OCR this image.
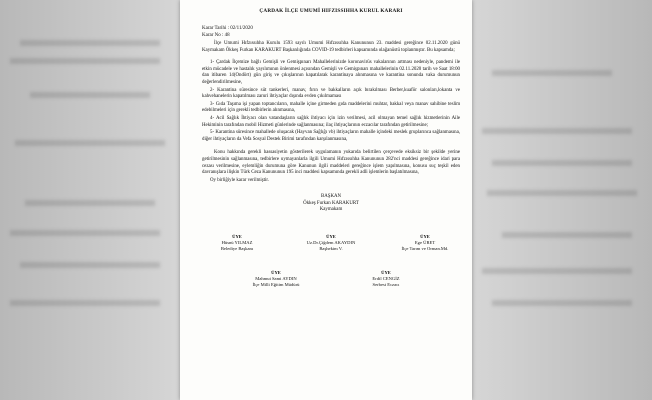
ÇARDAK İLÇE UMUMİ HIFZISSIHHA KURUL KARARI
Karar Tarihi : 02/11/2020
Karar No : 48
İlçe Umumi Hıfzıssıhha Kurulu 1593 sayılı Umumi Hıfzıssıhha Kanununun 23. maddesi gereğince 02.11.2020 günü Kaymakam Ökkeş Furkan KARAKURT Başkanlığında COVID-19 tedbirleri kapsamında olağanüstü toplanmıştır. Bu kapsamda;
1- Çardak İlçemize bağlı Gemişli ve Gemişpınarı Mahallelerinizde koronavirüs vakalarının artması nedeniyle, pandemi ile etkin mücadele ve hastalık yayılımının önlenmesi açısından Gemişli ve Gemişpınarı mahallelerinin 02.11.2020 tarih ve Saat 18:00 dan itibaren 14(Ondört) gün giriş ve çıkışlarının kapatılarak karantinaya alınmasına ve karantina sonunda vaka durumunun değerlendirilmesine,
2- Karantina süresince süt tankerleri, manav, fırın ve bakkalların açık bırakılması Berber,kuaför salonları,lokanta ve kahvehanelerin kapatılması zaruri ihtiyaçlar dışında evden çıkılmaması
3- Gıda Taşıma işi yapan toptancıların, mahalle içine girmeden gıda maddelerini muhtar, bakkal veya manav sahibine teslim edebilmeleri için gerekli tedbirlerin alınmasına,
4- Acil Sağlık İhtiyacı olan vatandaşların sağlık ihtiyacı için izin verilmesi, acil olmayan temel sağlık hizmetlerinin Aile Hekiminin tarafından mobil Hizmeti günlerinde sağlanmasına; ilaç ihtiyaçlarının eczacılar tarafından getirilmesine;
5- Karantina süresince mahallede oluşacak (Hayvan Sağlığı vb) ihtiyaçların mahalle içindeki meslek gruplarınca sağlanmasına, diğer ihtiyaçların da Vefa Sosyal Destek Birimi tarafından karşılanmasına,
Konu hakkında gerekli hassasiyetin gösterilerek uygulamanın yukarıda belirtilen çerçevede eksiksiz bir şekilde yerine getirilmesinin sağlanmasına, tedbirlere uymayanlarla ilgili Umumi Hıfzıssıhha Kanununun 282'nci maddesi gereğince idari para cezası verilmesine, eylemliğin durumuna göre Kanunun ilgili maddeleri gereğince işlem yapılmasına, konusu suç teşkil eden davranışlara ilişkin Türk Ceza Kanununun 195 inci maddesi kapsamında gerekli adli işlemlerin başlatılmasına,
Oy birliğiyle karar verilmiştir.
BAŞKAN
Ökkeş Furkan KARAKURT
Kaymakam
ÜYE
Hüsnü YILMAZ
Belediye Başkanı
ÜYE
Uz.Dr.Çiğdem AKAYDIN
Başhekim V.
ÜYE
Ege ÜRET
İlçe Tarım ve Orman.Md.
ÜYE
Mahmut Sami AYDIN
İlçe Milli Eğitim Müdürü
ÜYE
Erdil CENGİZ
Serbest Eczacı
